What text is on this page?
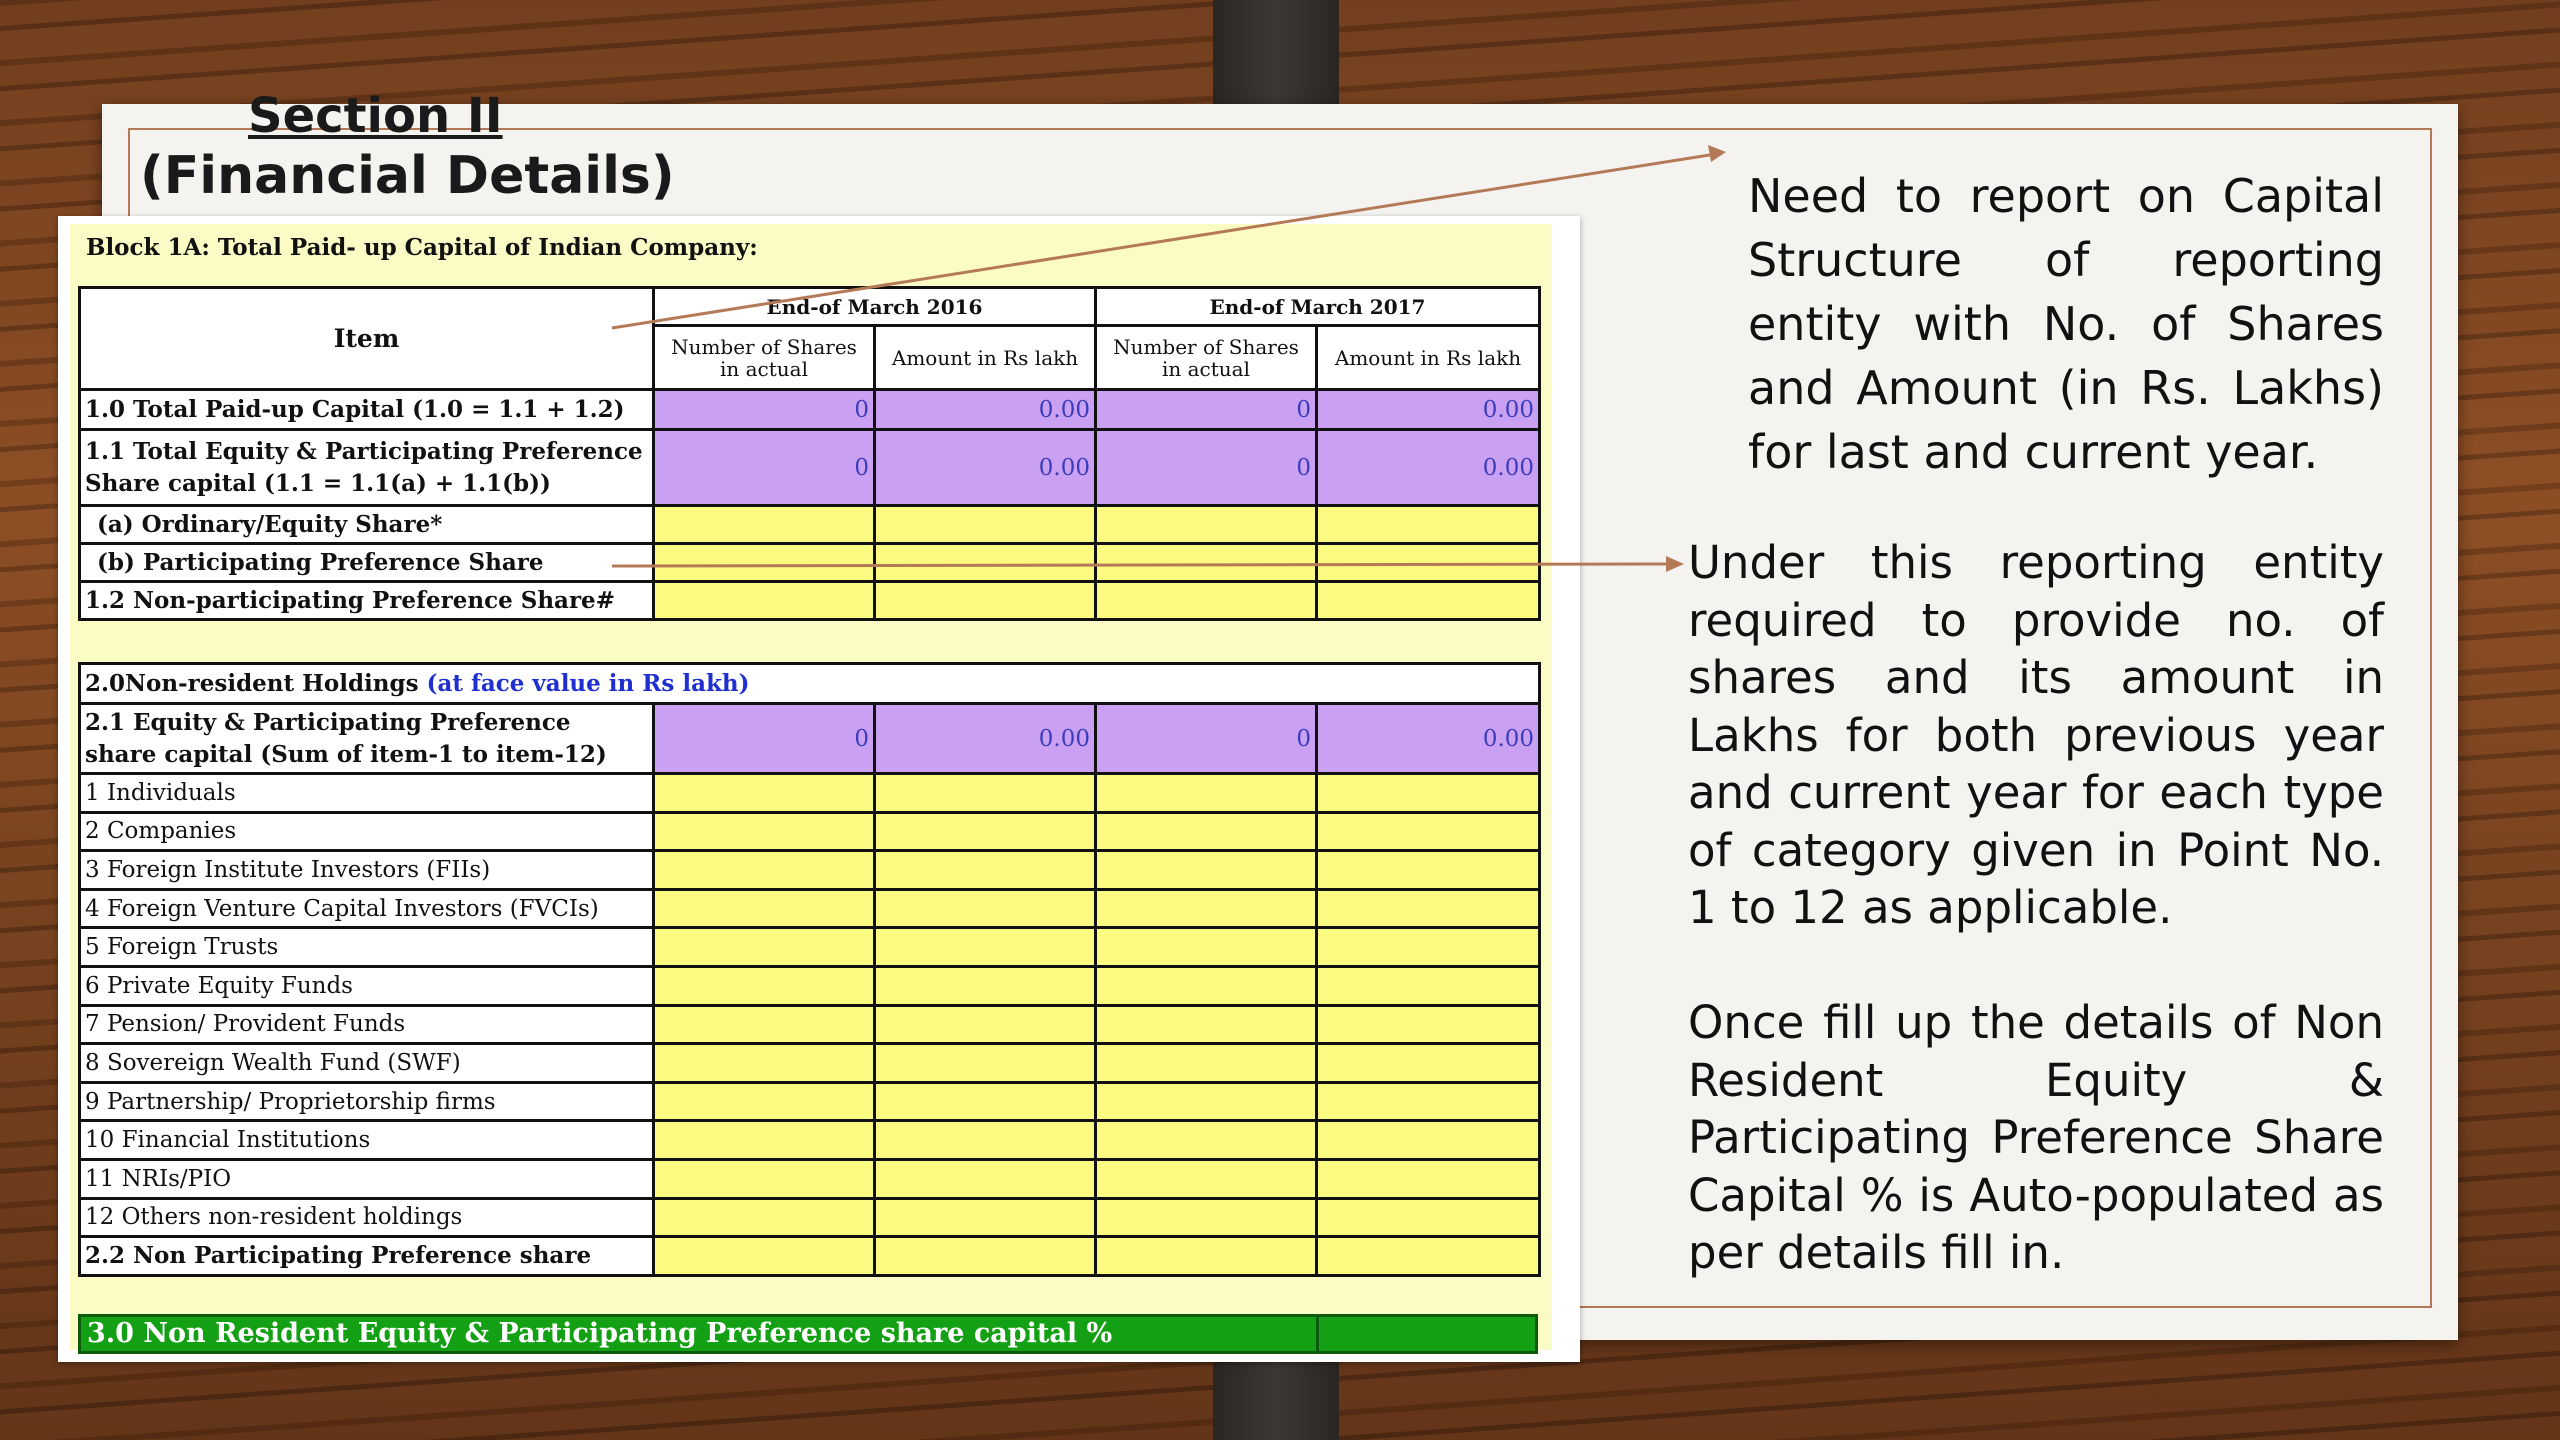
Section II
(Financial Details)
Block 1A: Total Paid- up Capital of Indian Company:
Item	End-of March 2016		End-of March 2017	
	Number of Shares in actual	Amount in Rs lakh	Number of Shares in actual	Amount in Rs lakh
1.0 Total Paid-up Capital (1.0 = 1.1 + 1.2)	0	0.00	0	0.00
1.1 Total Equity & Participating Preference Share capital (1.1 = 1.1(a) + 1.1(b))	0	0.00	0	0.00
(a) Ordinary/Equity Share*				
(b) Participating Preference Share				
1.2 Non-participating Preference Share#				
2.0Non-resident Holdings (at face value in Rs lakh)				
2.1 Equity & Participating Preference share capital (Sum of item-1 to item-12)	0	0.00	0	0.00
1 Individuals				
2 Companies				
3 Foreign Institute Investors (FIIs)				
4 Foreign Venture Capital Investors (FVCIs)				
5 Foreign Trusts				
6 Private Equity Funds				
7 Pension/ Provident Funds				
8 Sovereign Wealth Fund (SWF)				
9 Partnership/ Proprietorship firms				
10 Financial Institutions				
11 NRIs/PIO				
12 Others non-resident holdings				
2.2 Non Participating Preference share				
3.0 Non Resident Equity & Participating Preference share capital %
Need to report on Capital Structure of reporting entity with No. of Shares and Amount (in Rs. Lakhs) for last and current year.
Under this reporting entity required to provide no. of shares and its amount in Lakhs for both previous year and current year for each type of category given in Point No. 1 to 12 as applicable.
Once fill up the details of Non Resident Equity & Participating Preference Share Capital % is Auto-populated as per details fill in.
